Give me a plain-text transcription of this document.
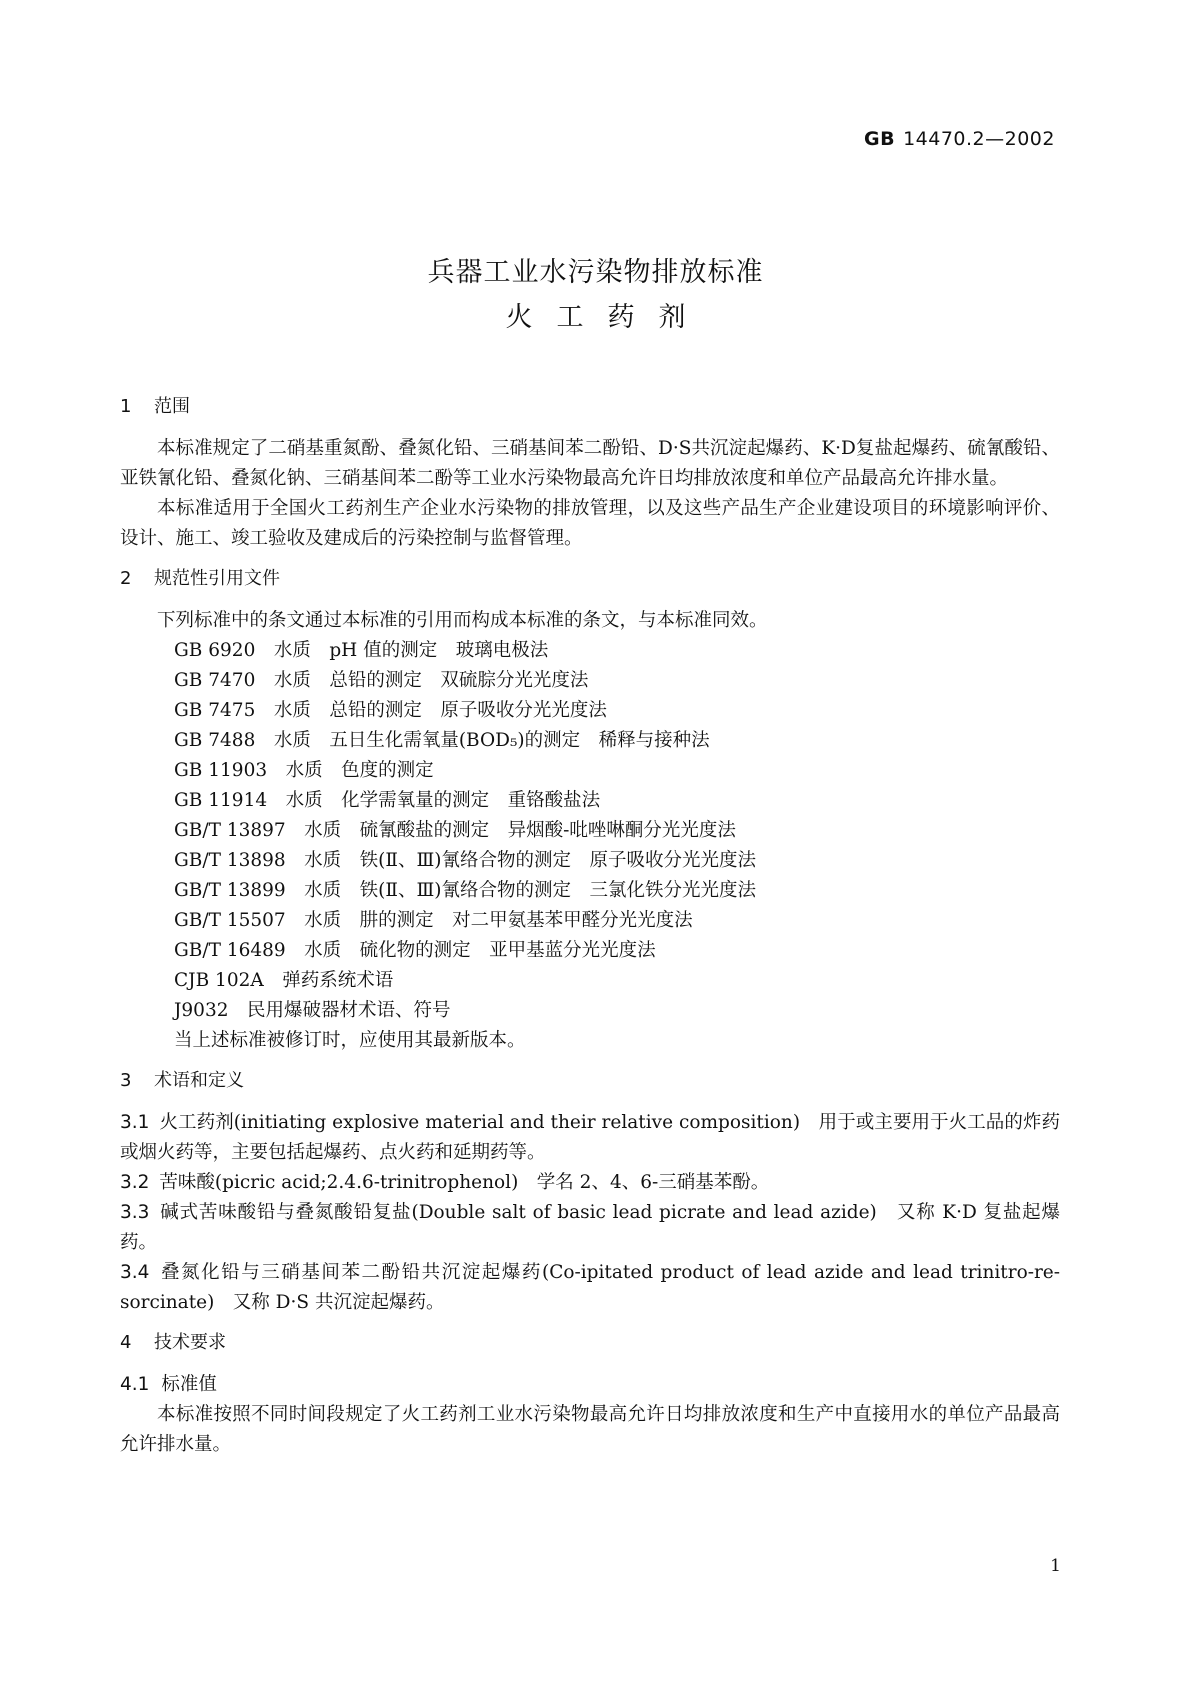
GB 14470.2—2002
兵器工业水污染物排放标准
火工药剂
1 范围

本标准规定了二硝基重氮酚、叠氮化铅、三硝基间苯二酚铅、D·S共沉淀起爆药、K·D复盐起爆药、硫氰酸铅、亚铁氰化铅、叠氮化钠、三硝基间苯二酚等工业水污染物最高允许日均排放浓度和单位产品最高允许排水量。

本标准适用于全国火工药剂生产企业水污染物的排放管理，以及这些产品生产企业建设项目的环境影响评价、设计、施工、竣工验收及建成后的污染控制与监督管理。

2 规范性引用文件

下列标准中的条文通过本标准的引用而构成本标准的条文，与本标准同效。

GB 6920　水质　pH 值的测定　玻璃电极法
GB 7470　水质　总铅的测定　双硫腙分光光度法
GB 7475　水质　总铅的测定　原子吸收分光光度法
GB 7488　水质　五日生化需氧量(BOD₅)的测定　稀释与接种法
GB 11903　水质　色度的测定
GB 11914　水质　化学需氧量的测定　重铬酸盐法
GB/T 13897　水质　硫氰酸盐的测定　异烟酸-吡唑啉酮分光光度法
GB/T 13898　水质　铁(Ⅱ、Ⅲ)氰络合物的测定　原子吸收分光光度法
GB/T 13899　水质　铁(Ⅱ、Ⅲ)氰络合物的测定　三氯化铁分光光度法
GB/T 15507　水质　肼的测定　对二甲氨基苯甲醛分光光度法
GB/T 16489　水质　硫化物的测定　亚甲基蓝分光光度法
CJB 102A　弹药系统术语
J9032　民用爆破器材术语、符号
当上述标准被修订时，应使用其最新版本。
3 术语和定义

3.1 火工药剂(initiating explosive material and their relative composition)　用于或主要用于火工品的炸药或烟火药等，主要包括起爆药、点火药和延期药等。

3.2 苦味酸(picric acid;2.4.6-trinitrophenol)　学名 2、4、6-三硝基苯酚。

3.3 碱式苦味酸铅与叠氮酸铅复盐(Double salt of basic lead picrate and lead azide)　又称 K·D 复盐起爆药。

3.4 叠氮化铅与三硝基间苯二酚铅共沉淀起爆药(Co-ipitated product of lead azide and lead trinitro-re-sorcinate)　又称 D·S 共沉淀起爆药。

4 技术要求

4.1 标准值

本标准按照不同时间段规定了火工药剂工业水污染物最高允许日均排放浓度和生产中直接用水的单位产品最高允许排水量。

1
